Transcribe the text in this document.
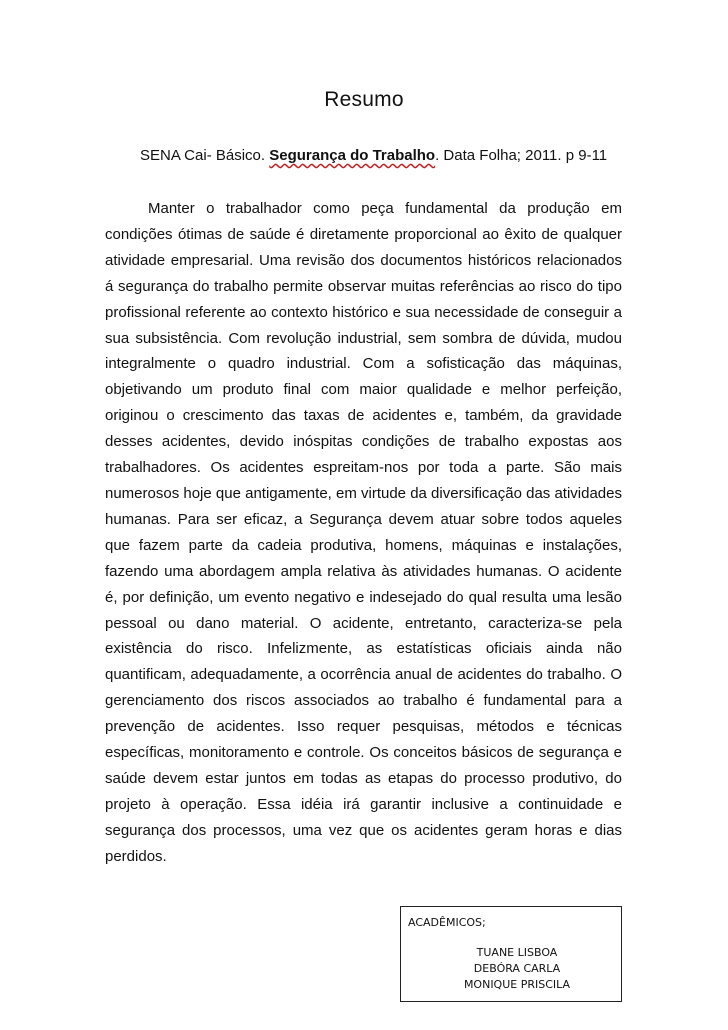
Resumo
SENA Cai- Básico. Segurança do Trabalho. Data Folha; 2011. p 9-11

Manter o trabalhador como peça fundamental da produção em condições ótimas de saúde é diretamente proporcional ao êxito de qualquer atividade empresarial. Uma revisão dos documentos históricos relacionados á segurança do trabalho permite observar muitas referências ao risco do tipo profissional referente ao contexto histórico e sua necessidade de conseguir a sua subsistência. Com revolução industrial, sem sombra de dúvida, mudou integralmente o quadro industrial. Com a sofisticação das máquinas, objetivando um produto final com maior qualidade e melhor perfeição, originou o crescimento das taxas de acidentes e, também, da gravidade desses acidentes, devido inóspitas condições de trabalho expostas aos trabalhadores. Os acidentes espreitam-nos por toda a parte. São mais numerosos hoje que antigamente, em virtude da diversificação das atividades humanas. Para ser eficaz, a Segurança devem atuar sobre todos aqueles que fazem parte da cadeia produtiva, homens, máquinas e instalações, fazendo uma abordagem ampla relativa às atividades humanas. O acidente é, por definição, um evento negativo e indesejado do qual resulta uma lesão pessoal ou dano material. O acidente, entretanto, caracteriza-se pela existência do risco. Infelizmente, as estatísticas oficiais ainda não quantificam, adequadamente, a ocorrência anual de acidentes do trabalho. O gerenciamento dos riscos associados ao trabalho é fundamental para a prevenção de acidentes. Isso requer pesquisas, métodos e técnicas específicas, monitoramento e controle. Os conceitos básicos de segurança e saúde devem estar juntos em todas as etapas do processo produtivo, do projeto à operação. Essa idéia irá garantir inclusive a continuidade e segurança dos processos, uma vez que os acidentes geram horas e dias perdidos.

ACADÊMICOS;
TUANE LISBOA
DEBÓRA CARLA
MONIQUE PRISCILA
